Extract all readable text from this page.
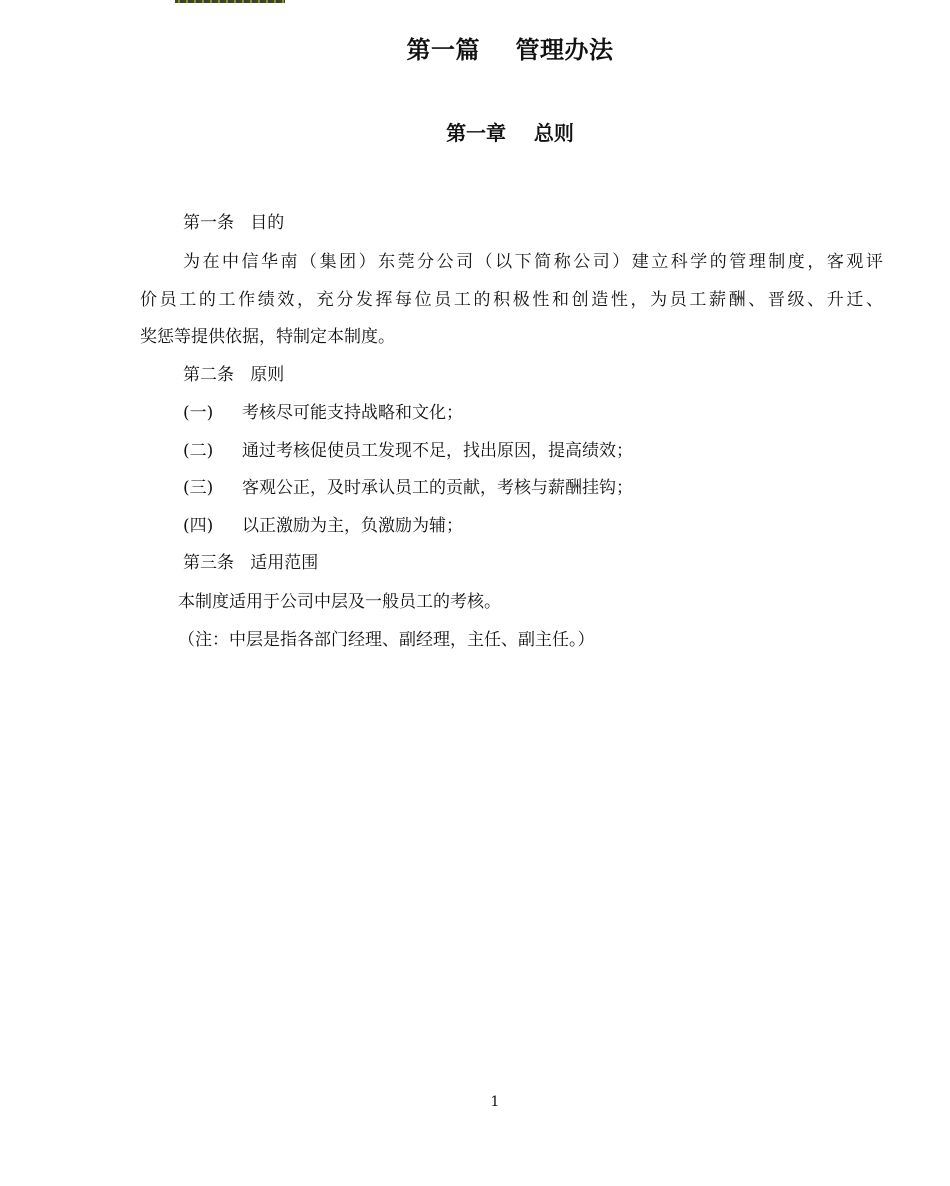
第一篇    管理办法
第一章    总则
第一条   目的
为在中信华南（集团）东莞分公司（以下简称公司）建立科学的管理制度，客观评
价员工的工作绩效，充分发挥每位员工的积极性和创造性，为员工薪酬、晋级、升迁、
奖惩等提供依据，特制定本制度。
第二条   原则
(一) 考核尽可能支持战略和文化；
(二) 通过考核促使员工发现不足，找出原因，提高绩效；
(三) 客观公正，及时承认员工的贡献，考核与薪酬挂钩；
(四) 以正激励为主，负激励为辅；
第三条   适用范围
本制度适用于公司中层及一般员工的考核。
（注：中层是指各部门经理、副经理，主任、副主任。）
1
